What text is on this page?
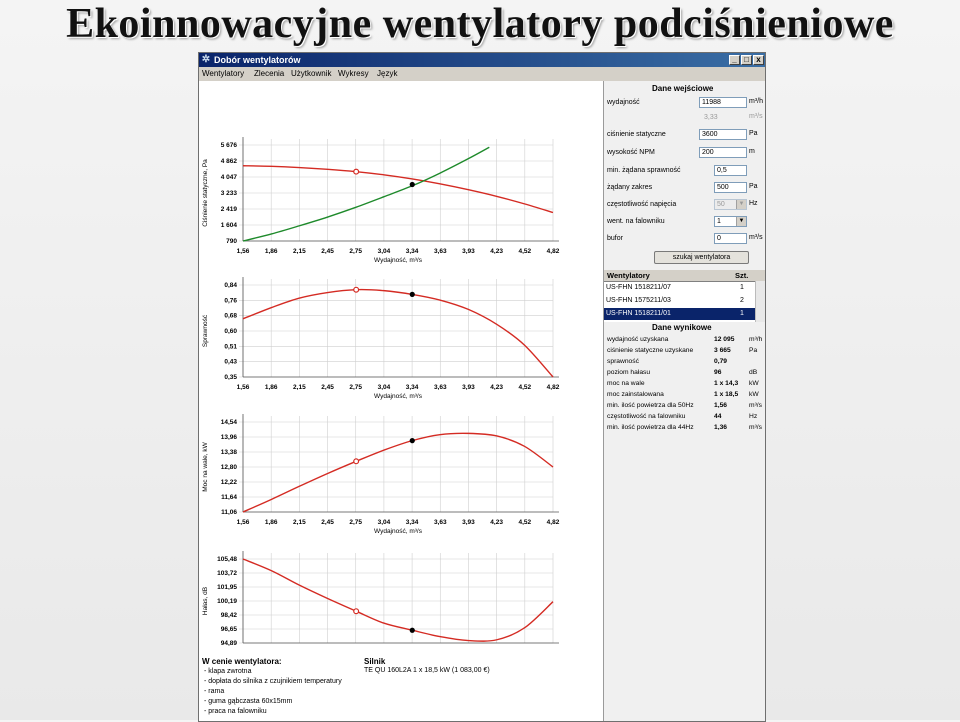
Ekoinnowacyjne wentylatory podciśnieniowe
✲ Dobór wentylatorów	_ □ x
Wentylatory Zlecenia Użytkownik Wykresy Język
1,56 1,86 2,15 2,45 2,75 3,04 3,34 3,63 3,93 4,23 4,52 4,82
5 676
4 862
4 047
3 233
2 419
1 604
790
Wydajność, m³/s
Ciśnienie statyczne, Pa
1,56 1,86 2,15 2,45 2,75 3,04 3,34 3,63 3,93 4,23 4,52 4,82
0,84
0,76
0,68
0,60
0,51
0,43
0,35
Wydajność, m³/s
Sprawność
1,56 1,86 2,15 2,45 2,75 3,04 3,34 3,63 3,93 4,23 4,52 4,82
14,54
13,96
13,38
12,80
12,22
11,64
11,06
Wydajność, m³/s
Moc na wale, kW
105,48
103,72
101,95
100,19
98,42
96,65
94,89
Hałas, dB
Dane wejściowe
wydajność	11988	m³/h
3,33	m³/s
ciśnienie statyczne	3600	Pa
wysokość NPM	200	m
min. żądana sprawność	0,5
żądany zakres	500	Pa
częstotliwość napięcia	50	▼ Hz
went. na falowniku	1	▼
bufor	0	m³/s
szukaj wentylatora
Wentylatory	Szt.
US-FHN 1518211/07	1
US-FHN 1575211/03	2
US-FHN 1518211/01	1
Dane wynikowe
wydajność uzyskana	12 095 m³/h
ciśnienie statyczne uzyskane	3 665	Pa
sprawność	0,79
poziom hałasu	96	dB
moc na wale	1 x 14,3 kW
moc zainstalowana	1 x 18,5 kW
min. ilość powietrza dla 50Hz	1,56	m³/s
częstotliwość na falowniku	44	Hz
min. ilość powietrza dla 44Hz	1,36	m³/s
W cenie wentylatora:
- klapa zwrotna
- dopłata do silnika z czujnikiem temperatury
- rama
- guma gąbczasta 60x15mm
- praca na falowniku
Silnik
TE QU 160L2A 1 x 18,5 kW (1 083,00 €)
